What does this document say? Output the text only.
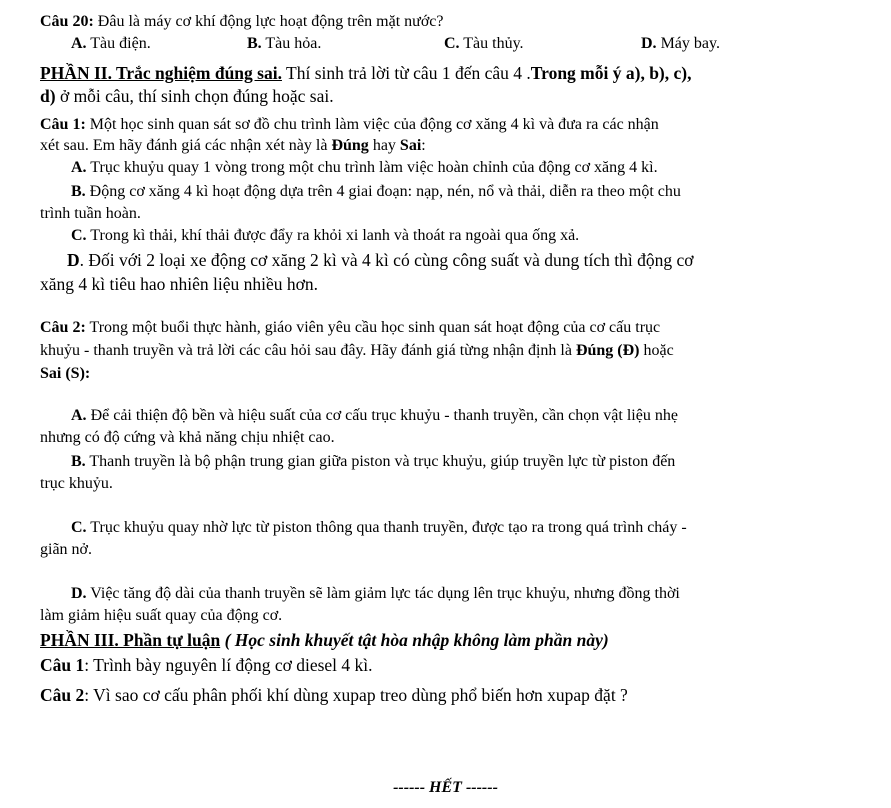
Câu 20: Đâu là máy cơ khí động lực hoạt động trên mặt nước?
A. Tàu điện.	B. Tàu hỏa.	C. Tàu thủy.	D. Máy bay.
PHẦN II. Trắc nghiệm đúng sai. Thí sinh trả lời từ câu 1 đến câu 4 .Trong mỗi ý a), b), c),
d) ở mỗi câu, thí sinh chọn đúng hoặc sai.
Câu 1: Một học sinh quan sát sơ đồ chu trình làm việc của động cơ xăng 4 kì và đưa ra các nhận
xét sau. Em hãy đánh giá các nhận xét này là Đúng hay Sai:
A. Trục khuỷu quay 1 vòng trong một chu trình làm việc hoàn chỉnh của động cơ xăng 4 kì.
B. Động cơ xăng 4 kì hoạt động dựa trên 4 giai đoạn: nạp, nén, nổ và thải, diễn ra theo một chu
trình tuần hoàn.
C. Trong kì thải, khí thải được đẩy ra khỏi xi lanh và thoát ra ngoài qua ống xả.
D. Đối với 2 loại xe động cơ xăng 2 kì và 4 kì có cùng công suất và dung tích thì động cơ
xăng 4 kì tiêu hao nhiên liệu nhiều hơn.
Câu 2: Trong một buổi thực hành, giáo viên yêu cầu học sinh quan sát hoạt động của cơ cấu trục
khuỷu - thanh truyền và trả lời các câu hỏi sau đây. Hãy đánh giá từng nhận định là Đúng (Đ) hoặc
Sai (S):
A. Để cải thiện độ bền và hiệu suất của cơ cấu trục khuỷu - thanh truyền, cần chọn vật liệu nhẹ
nhưng có độ cứng và khả năng chịu nhiệt cao.
B. Thanh truyền là bộ phận trung gian giữa piston và trục khuỷu, giúp truyền lực từ piston đến
trục khuỷu.
C. Trục khuỷu quay nhờ lực từ piston thông qua thanh truyền, được tạo ra trong quá trình cháy -
giãn nở.
D. Việc tăng độ dài của thanh truyền sẽ làm giảm lực tác dụng lên trục khuỷu, nhưng đồng thời
làm giảm hiệu suất quay của động cơ.
PHẦN III. Phần tự luận ( Học sinh khuyết tật hòa nhập không làm phần này)
Câu 1: Trình bày nguyên lí động cơ diesel 4 kì.
Câu 2: Vì sao cơ cấu phân phối khí dùng xupap treo dùng phổ biến hơn xupap đặt ?
------ HẾT ------
